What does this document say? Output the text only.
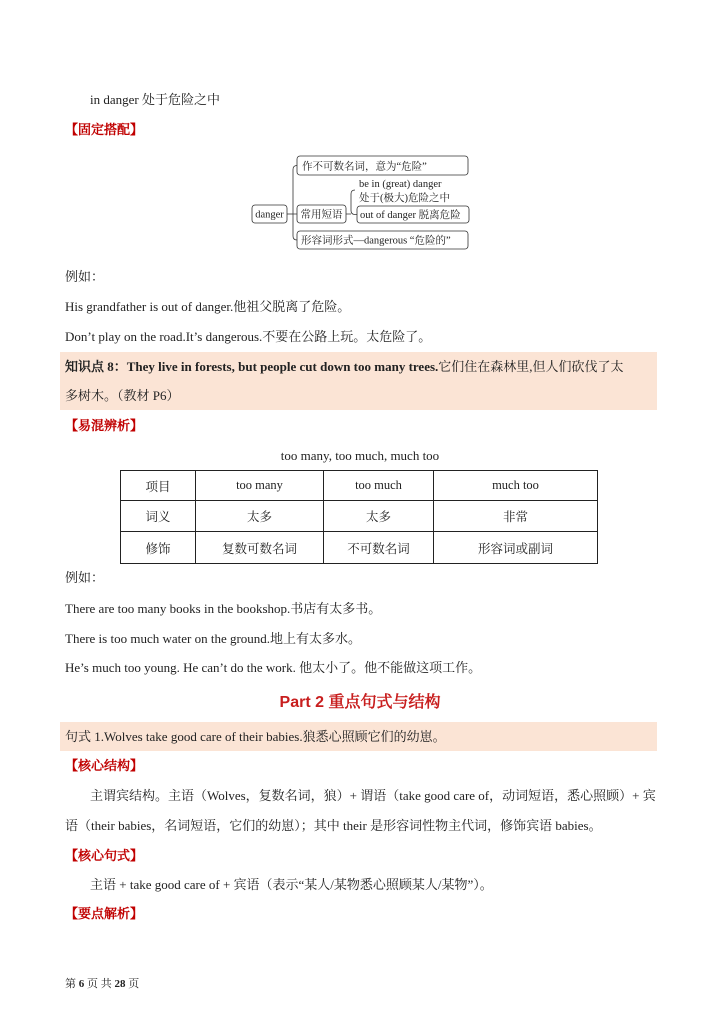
in danger 处于危险之中
【固定搭配】
danger
作不可数名词，意为“危险”
常用短语
be in (great) danger
处于(极大)危险之中
out of danger 脱离危险
形容词形式—dangerous “危险的”
例如：
His grandfather is out of danger.他祖父脱离了危险。
Don’t play on the road.It’s dangerous.不要在公路上玩。太危险了。
知识点 8：They live in forests, but people cut down too many trees.它们住在森林里,但人们砍伐了太
多树木。（教材 P6）
【易混辨析】
too many, too much, much too
项目	too many	too much	much too
词义	太多	太多	非常
修饰	复数可数名词	不可数名词	形容词或副词
例如：
There are too many books in the bookshop.书店有太多书。
There is too much water on the ground.地上有太多水。
He’s much too young. He can’t do the work. 他太小了。他不能做这项工作。
Part 2 重点句式与结构
句式 1.Wolves take good care of their babies.狼悉心照顾它们的幼崽。
【核心结构】
主谓宾结构。主语（Wolves，复数名词，狼）+ 谓语（take good care of，动词短语，悉心照顾）+ 宾
语（their babies，名词短语，它们的幼崽）；其中 their 是形容词性物主代词，修饰宾语 babies。
【核心句式】
主语 + take good care of + 宾语（表示“某人/某物悉心照顾某人/某物”）。
【要点解析】
第 6 页 共 28 页
